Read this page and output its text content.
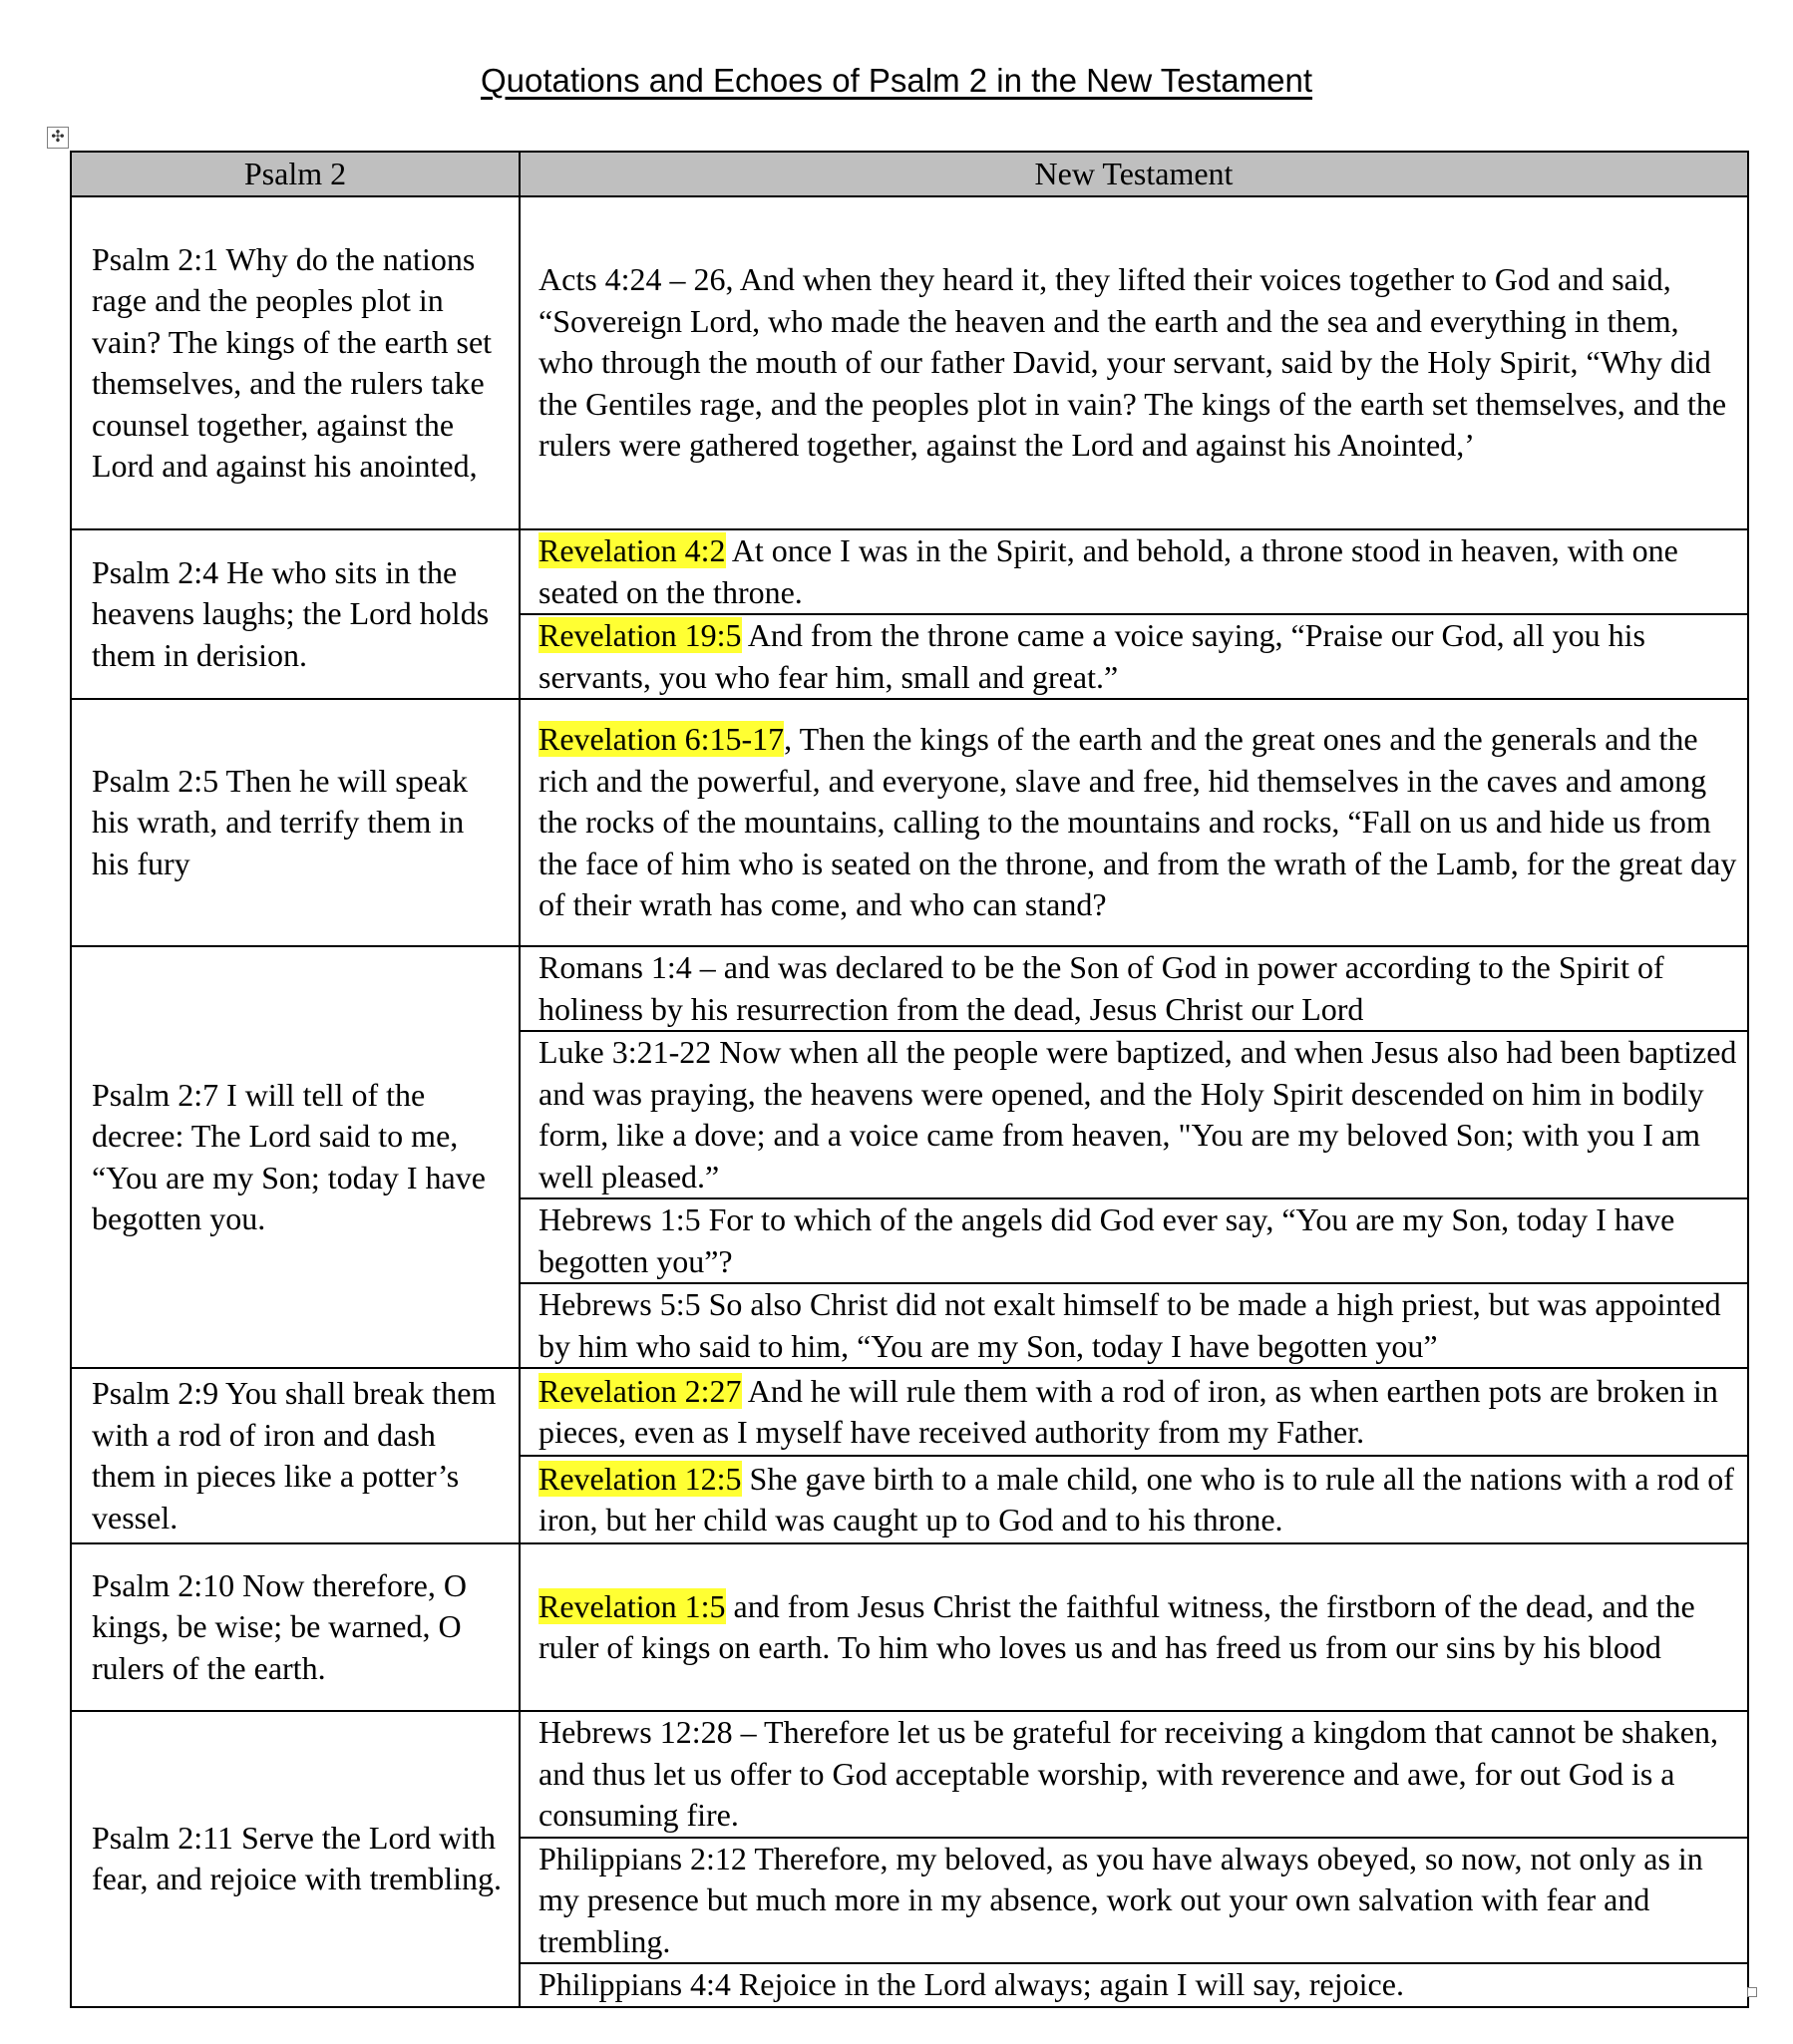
Quotations and Echoes of Psalm 2 in the New Testament
✣
Psalm 2	New Testament
Psalm 2:1 Why do the nations rage and the peoples plot in vain? The kings of the earth set themselves, and the rulers take counsel together, against the Lord and against his anointed,	Acts 4:24 – 26, And when they heard it, they lifted their voices together to God and said, “Sovereign Lord, who made the heaven and the earth and the sea and everything in them, who through the mouth of our father David, your servant, said by the Holy Spirit, “Why did the Gentiles rage, and the peoples plot in vain? The kings of the earth set themselves, and the rulers were gathered together, against the Lord and against his Anointed,’
Psalm 2:4 He who sits in the heavens laughs; the Lord holds them in derision.	Revelation 4:2 At once I was in the Spirit, and behold, a throne stood in heaven, with one seated on the throne.
	Revelation 19:5 And from the throne came a voice saying, “Praise our God, all you his servants, you who fear him, small and great.”
Psalm 2:5 Then he will speak his wrath, and terrify them in his fury	Revelation 6:15-17, Then the kings of the earth and the great ones and the generals and the rich and the powerful, and everyone, slave and free, hid themselves in the caves and among the rocks of the mountains, calling to the mountains and rocks, “Fall on us and hide us from the face of him who is seated on the throne, and from the wrath of the Lamb, for the great day of their wrath has come, and who can stand?
Psalm 2:7 I will tell of the decree: The Lord said to me, “You are my Son; today I have begotten you.	Romans 1:4 – and was declared to be the Son of God in power according to the Spirit of holiness by his resurrection from the dead, Jesus Christ our Lord
	Luke 3:21-22 Now when all the people were baptized, and when Jesus also had been baptized and was praying, the heavens were opened, and the Holy Spirit descended on him in bodily form, like a dove; and a voice came from heaven, "You are my beloved Son; with you I am well pleased.”
	Hebrews 1:5 For to which of the angels did God ever say, “You are my Son, today I have begotten you”?
	Hebrews 5:5 So also Christ did not exalt himself to be made a high priest, but was appointed by him who said to him, “You are my Son, today I have begotten you”
Psalm 2:9 You shall break them with a rod of iron and dash them in pieces like a potter’s vessel.	Revelation 2:27 And he will rule them with a rod of iron, as when earthen pots are broken in pieces, even as I myself have received authority from my Father.
	Revelation 12:5 She gave birth to a male child, one who is to rule all the nations with a rod of iron, but her child was caught up to God and to his throne.
Psalm 2:10 Now therefore, O kings, be wise; be warned, O rulers of the earth.	Revelation 1:5 and from Jesus Christ the faithful witness, the firstborn of the dead, and the ruler of kings on earth. To him who loves us and has freed us from our sins by his blood
Psalm 2:11 Serve the Lord with fear, and rejoice with trembling.	Hebrews 12:28 – Therefore let us be grateful for receiving a kingdom that cannot be shaken, and thus let us offer to God acceptable worship, with reverence and awe, for out God is a consuming fire.
	Philippians 2:12 Therefore, my beloved, as you have always obeyed, so now, not only as in my presence but much more in my absence, work out your own salvation with fear and trembling.
	Philippians 4:4 Rejoice in the Lord always; again I will say, rejoice.
